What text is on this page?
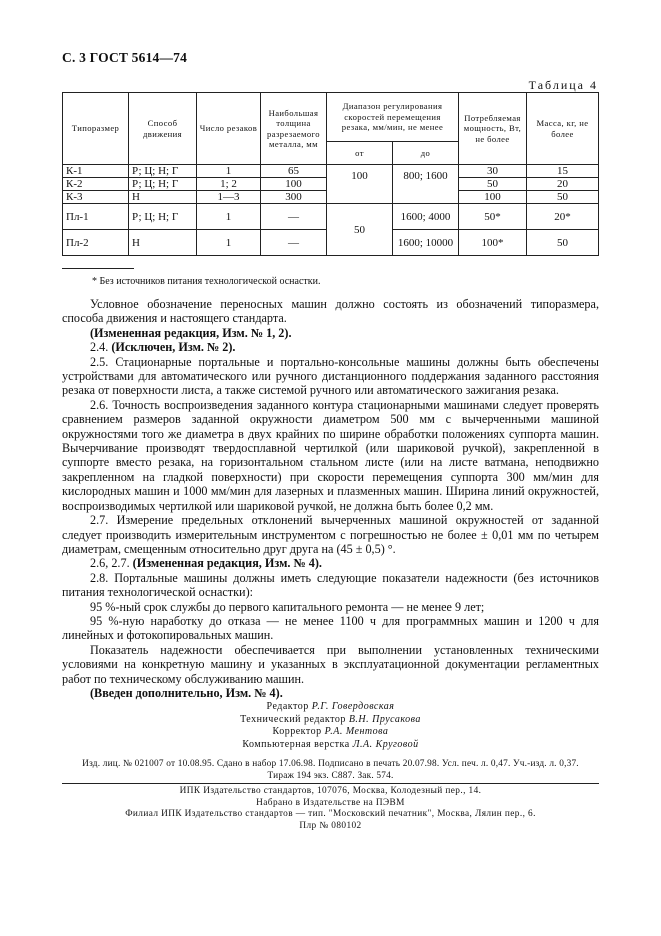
С. 3 ГОСТ 5614—74
Таблица 4
Типоразмер	Способ движения	Число резаков	Наибольшая толщина разрезаемого металла, мм	Диапазон регулирования скоростей перемещения резака, мм/мин, не менее		Потребляемая мощность, Вт, не более	Масса, кг, не более
				от	до		
К-1	Р; Ц; Н; Г	1	65	100	800; 1600	30	15
К-2	Р; Ц; Н; Г	1; 2	100			50	20
К-3	Н	1—3	300			100	50
Пл-1	Р; Ц; Н; Г	1	—	50	1600; 4000	50*	20*
Пл-2	Н	1	—		1600; 10000	100*	50
* Без источников питания технологической оснастки.

Условное обозначение переносных машин должно состоять из обозначений типоразмера, способа движения и настоящего стандарта.

(Измененная редакция, Изм. № 1, 2).

2.4. (Исключен, Изм. № 2).

2.5. Стационарные портальные и портально-консольные машины должны быть обеспечены устройствами для автоматического или ручного дистанционного поддержания заданного расстояния резака от поверхности листа, а также системой ручного или автоматического зажигания резака.

2.6. Точность воспроизведения заданного контура стационарными машинами следует проверять сравнением размеров заданной окружности диаметром 500 мм с вычерченными машиной окружностями того же диаметра в двух крайних по ширине обработки положениях суппорта машин. Вычерчивание производят твердосплавной чертилкой (или шариковой ручкой), закрепленной в суппорте вместо резака, на горизонтальном стальном листе (или на листе ватмана, неподвижно закрепленном на гладкой поверхности) при скорости перемещения суппорта 300 мм/мин для кислородных машин и 1000 мм/мин для лазерных и плазменных машин. Ширина линий окружностей, воспроизводимых чертилкой или шариковой ручкой, не должна быть более 0,2 мм.

2.7. Измерение предельных отклонений вычерченных машиной окружностей от заданной следует производить измерительным инструментом с погрешностью не более ± 0,01 мм по четырем диаметрам, смещенным относительно друг друга на (45 ± 0,5) °.

2.6, 2.7. (Измененная редакция, Изм. № 4).

2.8. Портальные машины должны иметь следующие показатели надежности (без источников питания технологической оснастки):

95 %-ный срок службы до первого капитального ремонта — не менее 9 лет;

95 %-ную наработку до отказа — не менее 1100 ч для программных машин и 1200 ч для линейных и фотокопировальных машин.

Показатель надежности обеспечивается при выполнении установленных техническими условиями на конкретную машину и указанных в эксплуатационной документации регламентных работ по техническому обслуживанию машин.

(Введен дополнительно, Изм. № 4).

Редактор Р.Г. Говердовская
Технический редактор В.Н. Прусакова
Корректор Р.А. Ментова
Компьютерная верстка Л.А. Круговой
Изд. лиц. № 021007 от 10.08.95. Сдано в набор 17.06.98. Подписано в печать 20.07.98. Усл. печ. л. 0,47. Уч.-изд. л. 0,37.
Тираж 194 экз. С887. Зак. 574.
ИПК Издательство стандартов, 107076, Москва, Колодезный пер., 14.
Набрано в Издательстве на ПЭВМ
Филиал ИПК Издательство стандартов — тип. "Московский печатник", Москва, Лялин пер., 6.
Плр № 080102
